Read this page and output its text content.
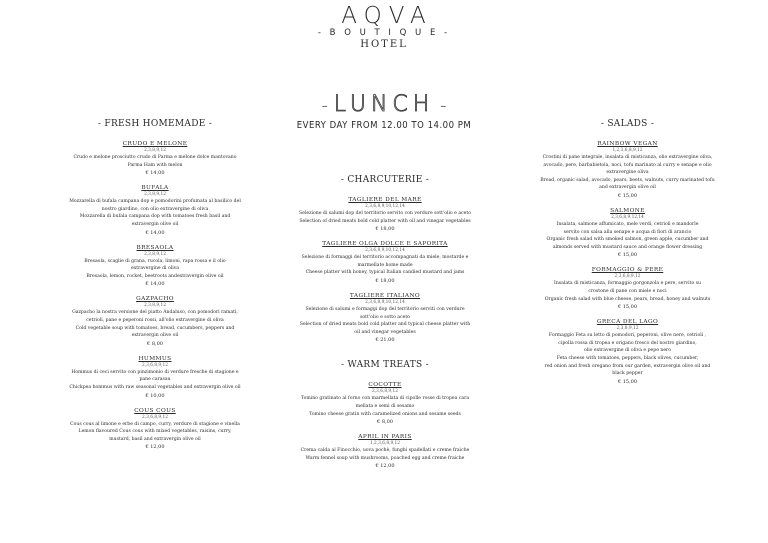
AQVA
- B O U T I Q U E -
HOTEL
- LUNCH -
EVERY DAY FROM 12.00 TO 14.00 PM
- FRESH HOMEMADE -
CRUDO E MELONE
2,3,8,9,12
Crudo e melone prosciutto crudo di Parma e melone dolce mantovano
Parma Ham with melon
€ 14,00
BUFALA
2,3,8,9,12
Mozzarella di bufala campana dop e pomodorini profumata al basilico del
nostro giardino, con olio extravergine di oliva
Mozzarella di bufala campana dop with tomatoes fresh basil and
extravergin olive oil
€ 14,00
BRESAOLA
2,3,8,9,12
Bresaola, scaglie di grana, rucola, limoni, rapa rossa e il olio
extravergine di oliva
Bresaola, lemon, rocket, beetroots andextravergin olive oil
€ 14,00
GAZPACHO
2,3,8,9,12
Gazpacho la nostra versione del piatto Andaluso, con pomodori ramati,
cetrioli, pane e peperoni rossi, all'olio extravergine di oliva
Cold vegetable soup with tomatoes, bread, cucumbers, peppers and
extravergin olive oil
€ 8,00
HUMMUS
2,3,6,8,9,12
Hommus di ceci servito con pinzimonio di verdure fresche di stagione e
pane carasau
Chickpea hommus with raw seasonal vegetables and extravergin olive oil
€ 10,00
COUS COUS
2,3,6,8,9,12
Cous cous al limone e erbe di campo, curry, verdure di stagione e vinella
Lemon flavoured Cous cous with mixed vegetables, raisins, curry,
mustard, basil and extravergin olive oil
€ 12,00
- CHARCUTERIE -
TAGLIERE DEL MARE
2,3,6,8,9,10,12,14
Selezione di salumi dop del territorio servito con verdure sott'olio e aceto
Selection of dried meats bold cold platter with oil and vinegar vegetables
€ 18,00
TAGLIERE OLGA DOLCE E SAPORITA
2,3,6,8,9,10,12,14
Selezione di formaggi del territorio accompagnati da miele, mostarde e
marmellate home made
Cheese platter with honey, typical Italian candied mustard and jams
€ 18,00
TAGLIERE ITALIANO
2,3,6,8,9,10,12,14
Selezione di salumi e formaggi dop del territorio serviti con verdure
sott'olio e sotto aceto
Selection of dried meats bold cold platter and typical cheese platter with
oil and vinegar vegetables
€ 21,00
- WARM TREATS -
COCOTTE
2,3,6,8,9,12
Tomino gratinato al forno con marmellata di cipolle rosse di tropea cara
mellata e semi di sesamo
Tomino cheese gratin with caramelized onions and sesame seeds
€ 8,00
APRIL IN PARIS
1,2,3,6,8,9,12
Crema calda al Finocchio, uova pochè, funghi spadellati e creme fraiche
Warm fennel soup with mushrooms, poached egg and creme fraiche
€ 12,00
- SALADS -
RAINBOW VEGAN
1,2,3,6,8,9,12
Crostini di pane integrale, insalata di misticanza, olio extravergine oliva,
avocado, pere, barbabietola, noci, tofu marinato al curry e senape e olio
extravergine oliva
Bread, organic salad, avocado, pears, beets, walnuts, curry marinated tofu
and extravergin olive oil
€ 15,00
SALMONE
2,3,6,8,9,12,14
Insalata, salmone affumicato, mele verdi, cetrioli e mandorle
servito con salsa alla senape e acqua di fiori di arancio
Organic fresh salad with smoked salmon, green apple, cucumber and
almonds served with mustard sauce and orange flower dressing
€ 15,00
FORMAGGIO & PERE
2,3,6,8,9,12
Insalata di misticanza, formaggio gorgonzola e pere, servito su
crostone di pane con miele e noci
Organic fresh salad with blue cheese, pears, bread, honey and walnuts
€ 15,00
GRECA DEL LAGO
2,3,8,9,12
Formaggio Feta su letto di pomodori, peperoni, olive nere, cetrioli ,
cipolla rossa di tropea e origano fresco del nostro giardino,
olio extravergine di oliva e pepe nero
Feta cheese with tomatoes, peppers, black olives, cucumber,
red onion and fresh oregano from our garden, extravergin olive oil and
black pepper
€ 15,00
